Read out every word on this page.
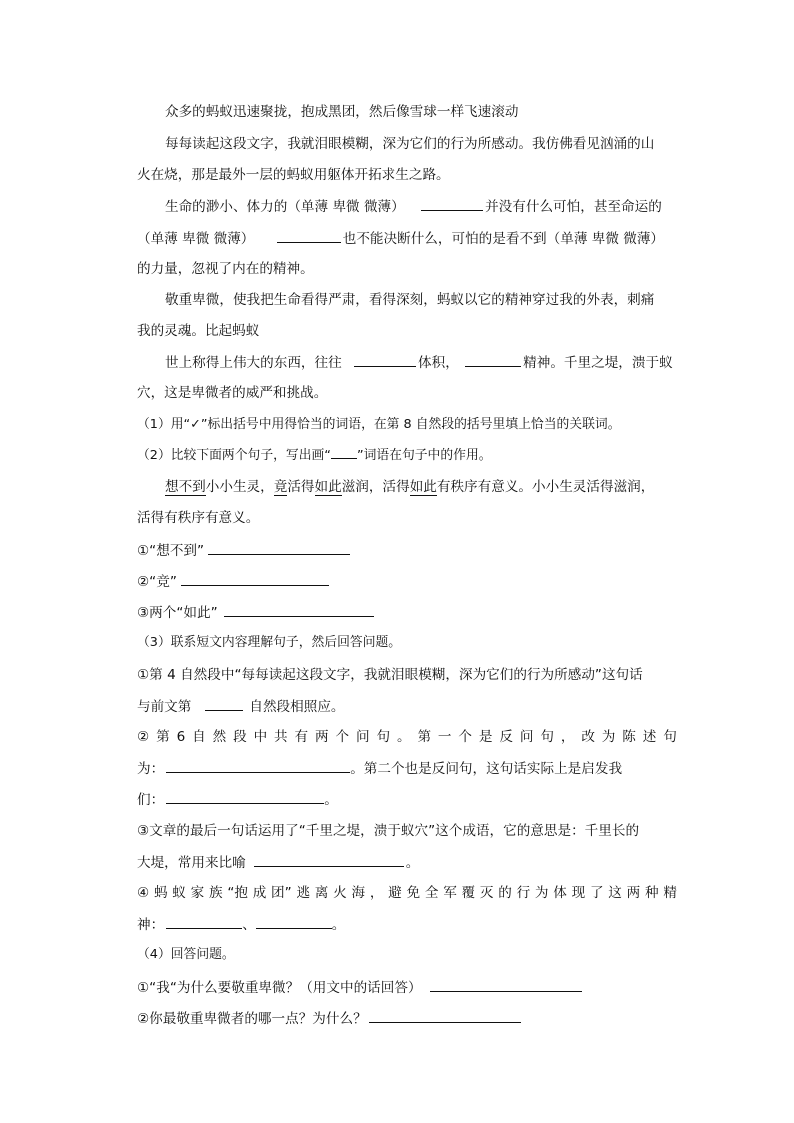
众多的蚂蚁迅速聚拢，抱成黑团，然后像雪球一样飞速滚动
每每读起这段文字，我就泪眼模糊，深为它们的行为所感动。我仿佛看见汹涌的山
火在烧，那是最外一层的蚂蚁用躯体开拓求生之路。
生命的渺小、体力的（单薄 卑微 微薄）	并没有什么可怕，甚至命运的
（单薄 卑微 微薄）	也不能决断什么，可怕的是看不到（单薄 卑微 微薄）
的力量，忽视了内在的精神。
敬重卑微，使我把生命看得严肃，看得深刻，蚂蚁以它的精神穿过我的外表，刺痛
我的灵魂。比起蚂蚁
世上称得上伟大的东西，往往	体积，	精神。千里之堤，溃于蚁
穴，这是卑微者的威严和挑战。
（1）用“✓”标出括号中用得恰当的词语，在第 8 自然段的括号里填上恰当的关联词。
（2）比较下面两个句子，写出画“ ”词语在句子中的作用。
想不到小小生灵，竟活得如此滋润，活得如此有秩序有意义。小小生灵活得滋润，
活得有秩序有意义。
①“想不到”
②“竞”
③两个“如此”
（3）联系短文内容理解句子，然后回答问题。
①第 4 自然段中“每每读起这段文字，我就泪眼模糊，深为它们的行为所感动”这句话
与前文第	自然段相照应。
② 第 6 自 然 段 中 共 有 两 个 问 句 。 第 一 个 是 反 问 句 ， 改 为 陈 述 句
为：	。第二个也是反问句，这句话实际上是启发我
们：	。
③文章的最后一句话运用了“千里之堤，溃于蚁穴”这个成语，它的意思是：千里长的
大堤，常用来比喻	。
④ 蚂 蚁 家 族 “抱 成 团” 逃 离 火 海 ， 避 免 全 军 覆 灭 的 行 为 体 现 了 这 两 种 精
神：	、	。
（4）回答问题。
①“我“为什么要敬重卑微？（用文中的话回答）
②你最敬重卑微者的哪一点？为什么？
